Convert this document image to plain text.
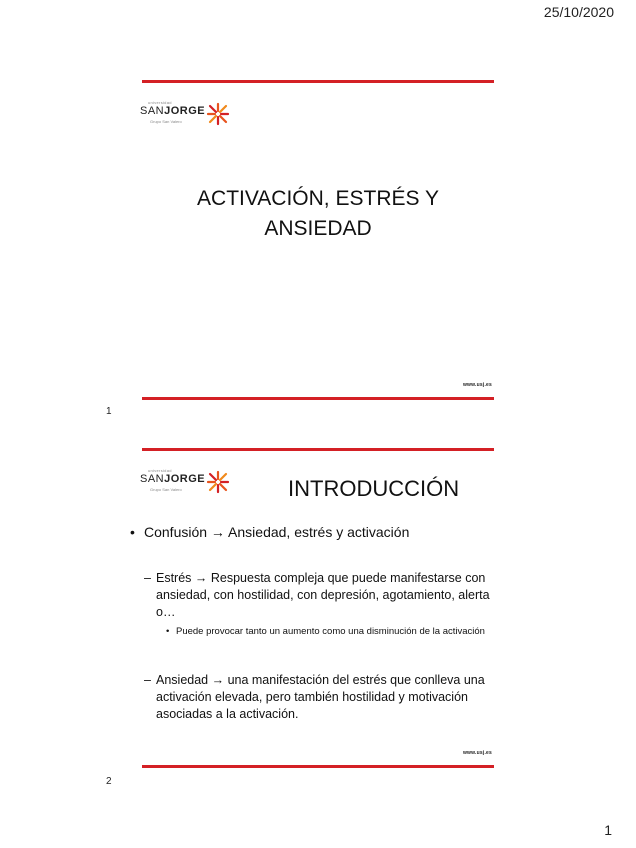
25/10/2020
universidad
SANJORGE
Grupo San Valero
ACTIVACIÓN, ESTRÉS Y
ANSIEDAD
www.usj.es
1
universidad
SANJORGE
Grupo San Valero	INTRODUCCIÓN
• Confusión → Ansiedad, estrés y activación
– Estrés → Respuesta compleja que puede manifestarse con ansiedad, con hostilidad, con depresión, agotamiento, alerta o…
• Puede provocar tanto un aumento como una disminución de la activación
– Ansiedad → una manifestación del estrés que conlleva una activación elevada, pero también hostilidad y motivación asociadas a la activación.
www.usj.es
2
1
